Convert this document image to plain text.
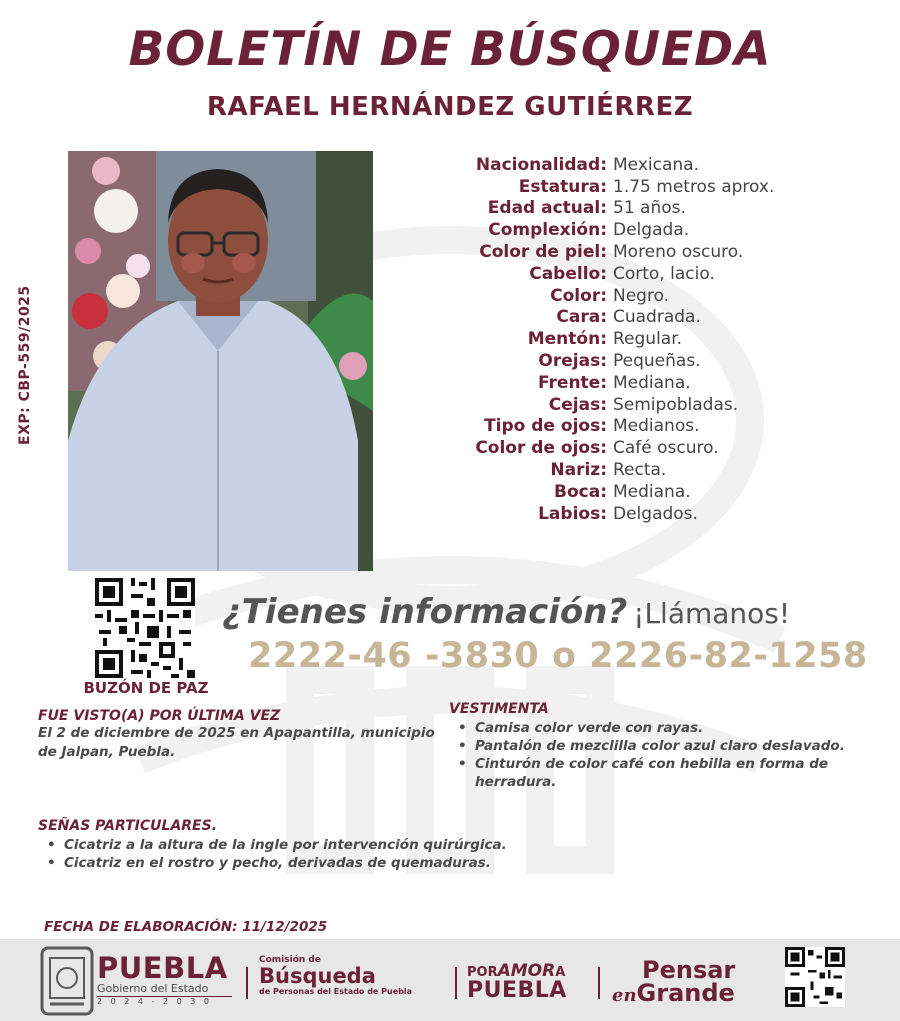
BOLETÍN DE BÚSQUEDA
RAFAEL HERNÁNDEZ GUTIÉRREZ
EXP: CBP-559/2025
Nacionalidad: Mexicana.
Estatura: 1.75 metros aprox.
Edad actual: 51 años.
Complexión: Delgada.
Color de piel: Moreno oscuro.
Cabello: Corto, lacio.
Color: Negro.
Cara: Cuadrada.
Mentón: Regular.
Orejas: Pequeñas.
Frente: Mediana.
Cejas: Semipobladas.
Tipo de ojos: Medianos.
Color de ojos: Café oscuro.
Nariz: Recta.
Boca: Mediana.
Labios: Delgados.
BUZÓN DE PAZ
¿Tienes información? ¡Llámanos!
2222-46 -3830 o 2226-82-1258
FUE VISTO(A) POR ÚLTIMA VEZ
El 2 de diciembre de 2025 en Apapantilla, municipio de Jalpan, Puebla.
VESTIMENTA
• Camisa color verde con rayas.
• Pantalón de mezclilla color azul claro deslavado.
• Cinturón de color café con hebilla en forma de herradura.
SEÑAS PARTICULARES.
• Cicatriz a la altura de la ingle por intervención quirúrgica.
• Cicatriz en el rostro y pecho, derivadas de quemaduras.
FECHA DE ELABORACIÓN: 11/12/2025
PUEBLA
Gobierno del Estado
2 0 2 4 - 2 0 3 0
Comisión de
Búsqueda
de Personas del Estado de Puebla
PORAMORA
PUEBLA
Pensar
enGrande
